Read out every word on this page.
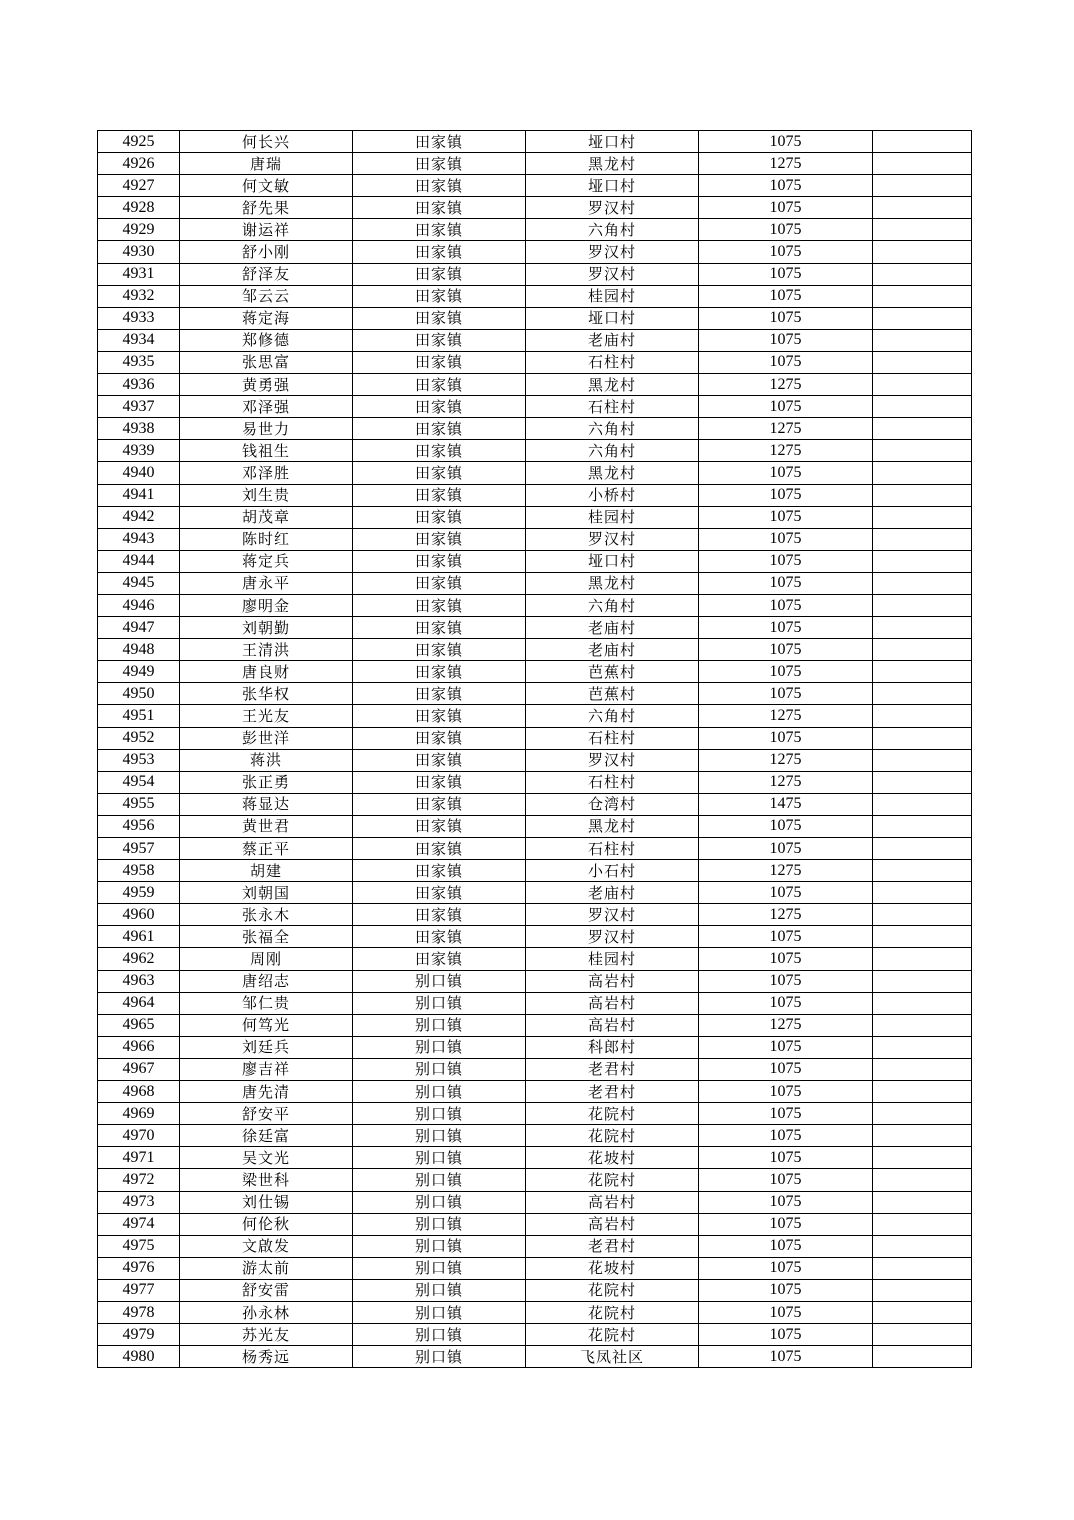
4925	何长兴	田家镇	垭口村	1075	
4926	唐瑞	田家镇	黑龙村	1275	
4927	何文敏	田家镇	垭口村	1075	
4928	舒先果	田家镇	罗汉村	1075	
4929	谢运祥	田家镇	六角村	1075	
4930	舒小刚	田家镇	罗汉村	1075	
4931	舒泽友	田家镇	罗汉村	1075	
4932	邹云云	田家镇	桂园村	1075	
4933	蒋定海	田家镇	垭口村	1075	
4934	郑修德	田家镇	老庙村	1075	
4935	张思富	田家镇	石柱村	1075	
4936	黄勇强	田家镇	黑龙村	1275	
4937	邓泽强	田家镇	石柱村	1075	
4938	易世力	田家镇	六角村	1275	
4939	钱祖生	田家镇	六角村	1275	
4940	邓泽胜	田家镇	黑龙村	1075	
4941	刘生贵	田家镇	小桥村	1075	
4942	胡茂章	田家镇	桂园村	1075	
4943	陈时红	田家镇	罗汉村	1075	
4944	蒋定兵	田家镇	垭口村	1075	
4945	唐永平	田家镇	黑龙村	1075	
4946	廖明金	田家镇	六角村	1075	
4947	刘朝勤	田家镇	老庙村	1075	
4948	王清洪	田家镇	老庙村	1075	
4949	唐良财	田家镇	芭蕉村	1075	
4950	张华权	田家镇	芭蕉村	1075	
4951	王光友	田家镇	六角村	1275	
4952	彭世洋	田家镇	石柱村	1075	
4953	蒋洪	田家镇	罗汉村	1275	
4954	张正勇	田家镇	石柱村	1275	
4955	蒋显达	田家镇	仓湾村	1475	
4956	黄世君	田家镇	黑龙村	1075	
4957	蔡正平	田家镇	石柱村	1075	
4958	胡建	田家镇	小石村	1275	
4959	刘朝国	田家镇	老庙村	1075	
4960	张永木	田家镇	罗汉村	1275	
4961	张福全	田家镇	罗汉村	1075	
4962	周刚	田家镇	桂园村	1075	
4963	唐绍志	别口镇	高岩村	1075	
4964	邹仁贵	别口镇	高岩村	1075	
4965	何笃光	别口镇	高岩村	1275	
4966	刘廷兵	别口镇	科郎村	1075	
4967	廖吉祥	别口镇	老君村	1075	
4968	唐先清	别口镇	老君村	1075	
4969	舒安平	别口镇	花院村	1075	
4970	徐廷富	别口镇	花院村	1075	
4971	吴文光	别口镇	花坡村	1075	
4972	梁世科	别口镇	花院村	1075	
4973	刘仕锡	别口镇	高岩村	1075	
4974	何伦秋	别口镇	高岩村	1075	
4975	文啟发	别口镇	老君村	1075	
4976	游太前	别口镇	花坡村	1075	
4977	舒安雷	别口镇	花院村	1075	
4978	孙永林	别口镇	花院村	1075	
4979	苏光友	别口镇	花院村	1075	
4980	杨秀远	别口镇	飞凤社区	1075	
